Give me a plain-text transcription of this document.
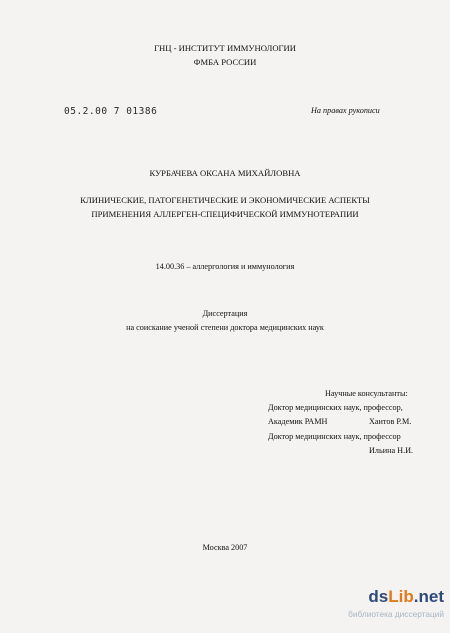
ГНЦ - ИНСТИТУТ ИММУНОЛОГИИ
ФМБА РОССИИ
05.2.00 7 01386	На правах рукописи
КУРБАЧЕВА ОКСАНА МИХАЙЛОВНА
КЛИНИЧЕСКИЕ, ПАТОГЕНЕТИЧЕСКИЕ И ЭКОНОМИЧЕСКИЕ АСПЕКТЫ
ПРИМЕНЕНИЯ АЛЛЕРГЕН-СПЕЦИФИЧЕСКОЙ ИММУНОТЕРАПИИ
14.00.36 – аллергология и иммунология
Диссертация
на соискание ученой степени доктора медицинских наук
Научные консультанты:
Доктор медицинских наук, профессор,
Академик РАМН	Хаитов Р.М.
Доктор медицинских наук, профессор
Ильина Н.И.
Москва 2007
dsLib.net
библиотека диссертаций
